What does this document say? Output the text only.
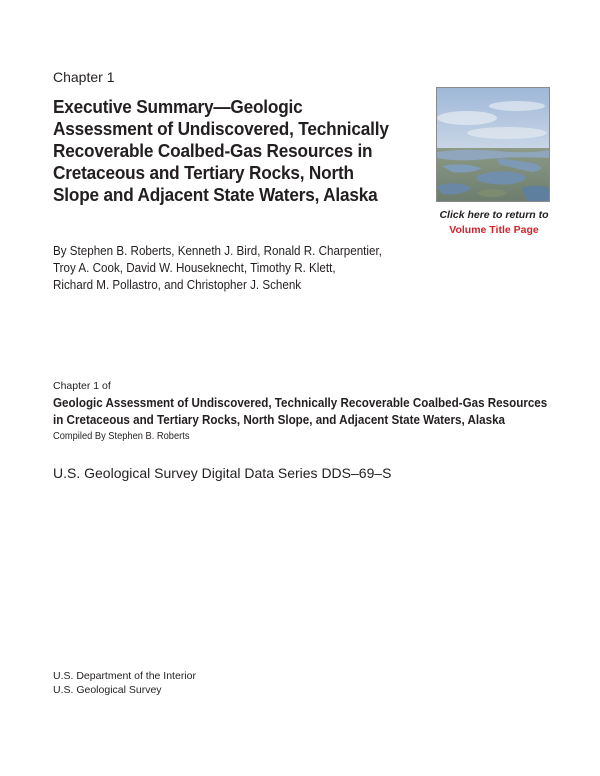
Chapter 1
Executive Summary—Geologic
Assessment of Undiscovered, Technically
Recoverable Coalbed-Gas Resources in
Cretaceous and Tertiary Rocks, North
Slope and Adjacent State Waters, Alaska
Click here to return to
Volume Title Page
By Stephen B. Roberts, Kenneth J. Bird, Ronald R. Charpentier,
Troy A. Cook, David W. Houseknecht, Timothy R. Klett,
Richard M. Pollastro, and Christopher J. Schenk
Chapter 1 of
Geologic Assessment of Undiscovered, Technically Recoverable Coalbed-Gas Resources
in Cretaceous and Tertiary Rocks, North Slope, and Adjacent State Waters, Alaska
Compiled By Stephen B. Roberts
U.S. Geological Survey Digital Data Series DDS–69–S
U.S. Department of the Interior
U.S. Geological Survey
